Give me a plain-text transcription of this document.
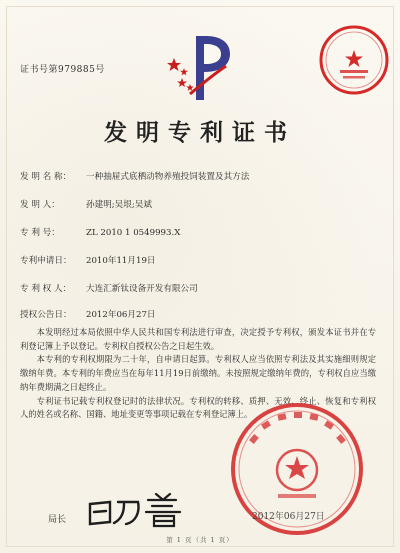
证书号第979885号
发明专利证书
发 明 名 称： 一种抽屉式底栖动物养殖投饲装置及其方法
发 明 人：	孙建明;吴垠;吴斌
专 利 号：	ZL 2010 1 0549993.X
专利申请日： 2010年11月19日
专 利 权 人： 大连汇新钛设备开发有限公司
授权公告日： 2012年06月27日

本发明经过本局依照中华人民共和国专利法进行审查，决定授予专利权，颁发本证书并在专利登记簿上予以登记。专利权自授权公告之日起生效。

本专利的专利权期限为二十年，自申请日起算。专利权人应当依照专利法及其实施细则规定缴纳年费。本专利的年费应当在每年11月19日前缴纳。未按照规定缴纳年费的，专利权自应当缴纳年费期满之日起终止。

专利证书记载专利权登记时的法律状况。专利权的转移、质押、无效、终止、恢复和专利权人的姓名或名称、国籍、地址变更等事项记载在专利登记簿上。

局长	2012年06月27日
第 1 页（共 1 页）
